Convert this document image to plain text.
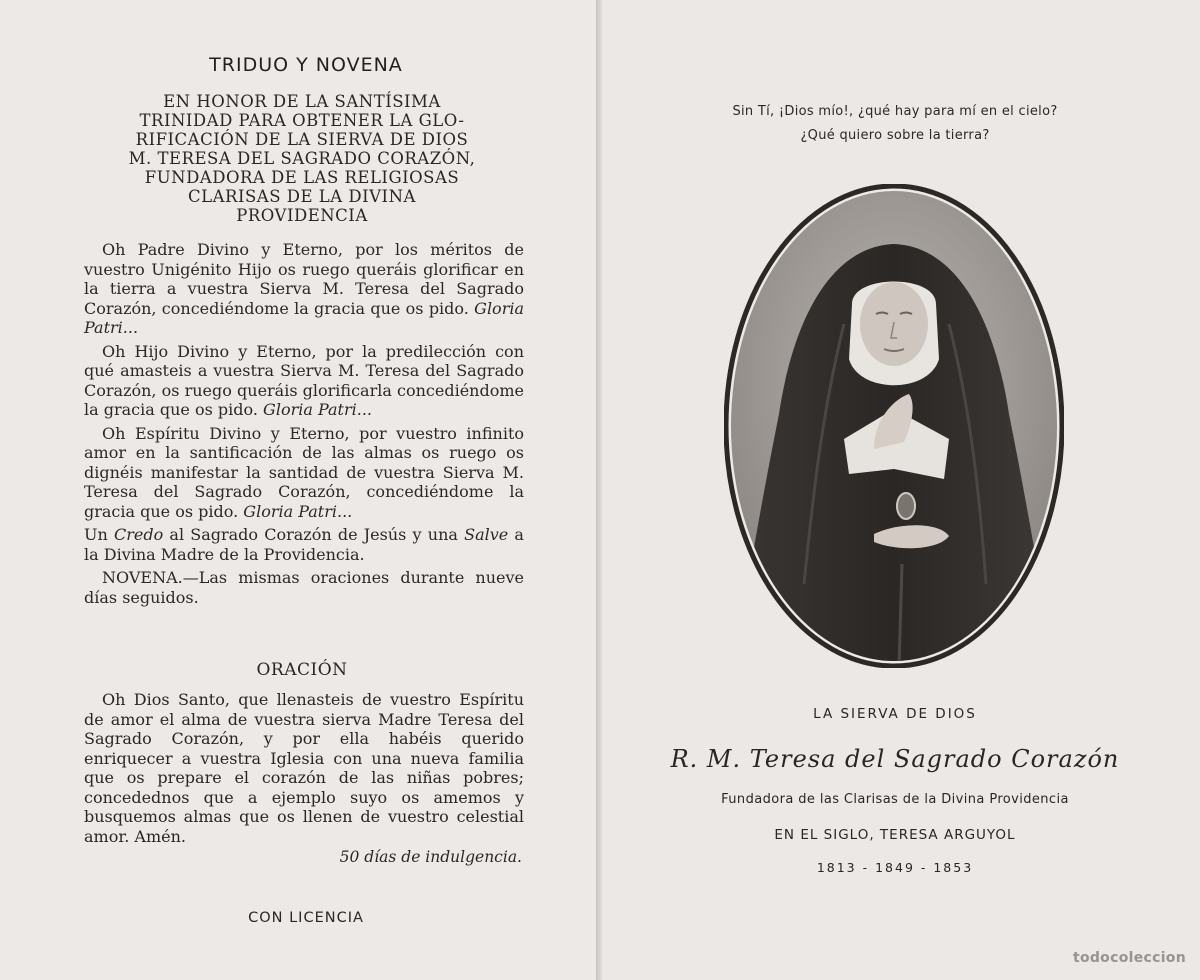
TRIDUO Y NOVENA
EN HONOR DE LA SANTÍSIMA
TRINIDAD PARA OBTENER LA GLO-
RIFICACIÓN DE LA SIERVA DE DIOS
M. TERESA DEL SAGRADO CORAZÓN,
FUNDADORA DE LAS RELIGIOSAS
CLARISAS DE LA DIVINA
PROVIDENCIA

Oh Padre Divino y Eterno, por los méritos de vuestro Unigénito Hijo os ruego queráis glorificar en la tierra a vuestra Sierva M. Teresa del Sagrado Corazón, concediéndome la gracia que os pido. Gloria Patri...

Oh Hijo Divino y Eterno, por la predilección con qué amasteis a vuestra Sierva M. Teresa del Sagrado Corazón, os ruego queráis glorificarla concediéndome la gracia que os pido. Gloria Patri...

Oh Espíritu Divino y Eterno, por vuestro infinito amor en la santificación de las almas os ruego os dignéis manifestar la santidad de vuestra Sierva M. Teresa del Sagrado Corazón, concediéndome la gracia que os pido. Gloria Patri...

Un Credo al Sagrado Corazón de Jesús y una Salve a la Divina Madre de la Providencia.

NOVENA.—Las mismas oraciones durante nueve días seguidos.

ORACIÓN
Oh Dios Santo, que llenasteis de vuestro Espíritu de amor el alma de vuestra sierva Madre Teresa del Sagrado Corazón, y por ella habéis querido enriquecer a vuestra Iglesia con una nueva familia que os prepare el corazón de las niñas pobres; concedednos que a ejemplo suyo os amemos y busquemos almas que os llenen de vuestro celestial amor. Amén.
50 días de indulgencia.
CON LICENCIA
Sin Tí, ¡Dios mío!, ¿qué hay para mí en el cielo?
¿Qué quiero sobre la tierra?
LA SIERVA DE DIOS
R. M. Teresa del Sagrado Corazón
Fundadora de las Clarisas de la Divina Providencia
EN EL SIGLO, TERESA ARGUYOL
1813 - 1849 - 1853
todocoleccion
